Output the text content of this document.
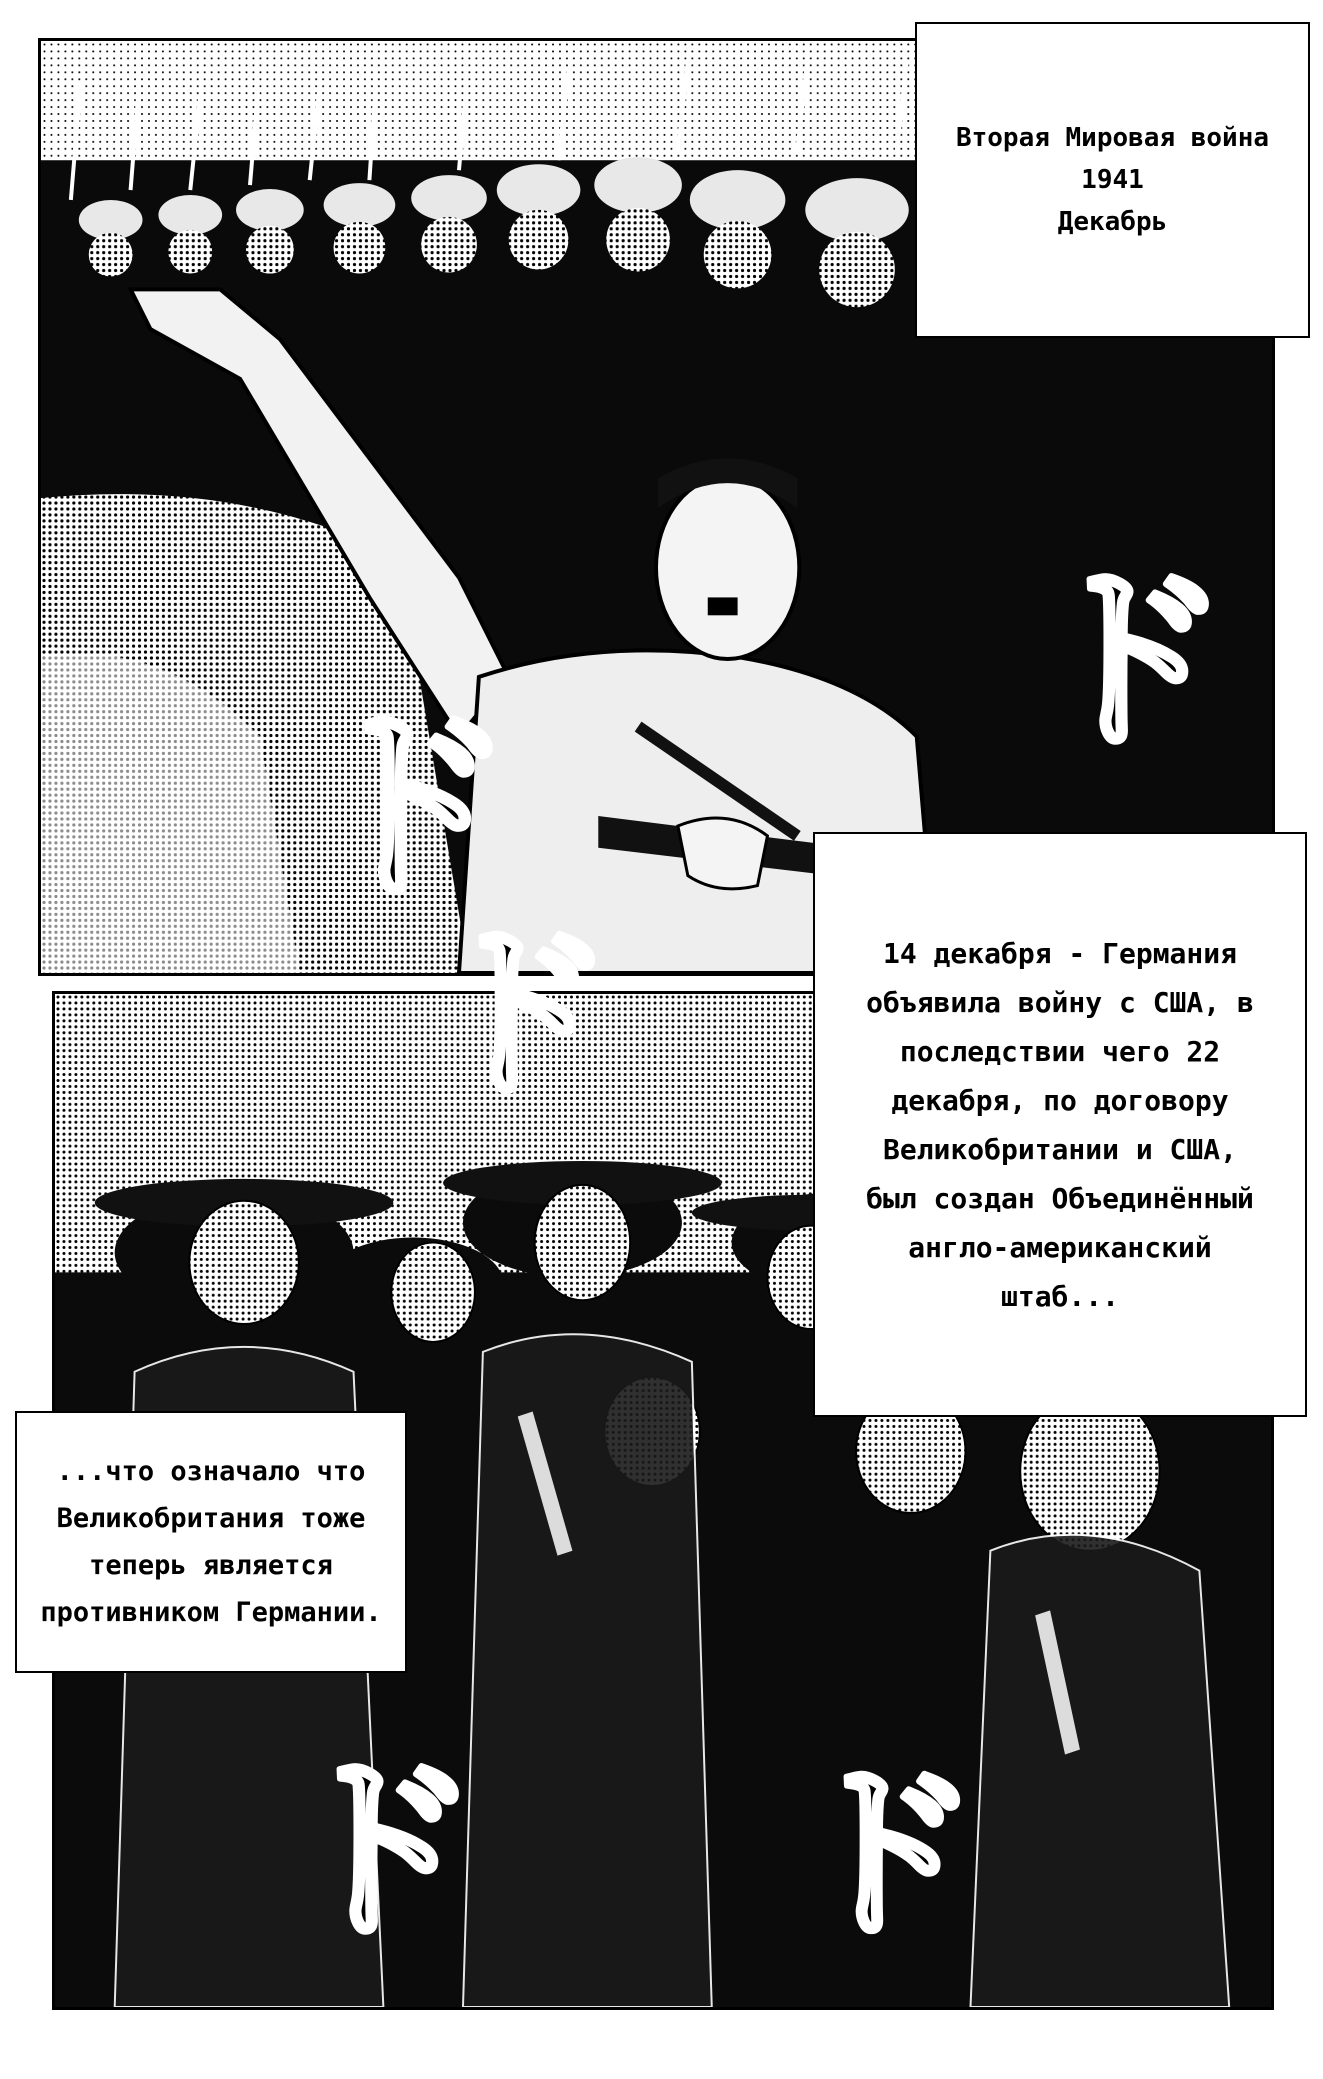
ド
ド
ド
ド ド
Вторая Мировая война
1941
Декабрь
14 декабря - Германия
объявила войну с США, в
последствии чего 22
декабря, по договору
Великобритании и США,
был создан Объединённый
англо-американский
штаб...
...что означало что
Великобритания тоже
теперь является
противником Германии.
